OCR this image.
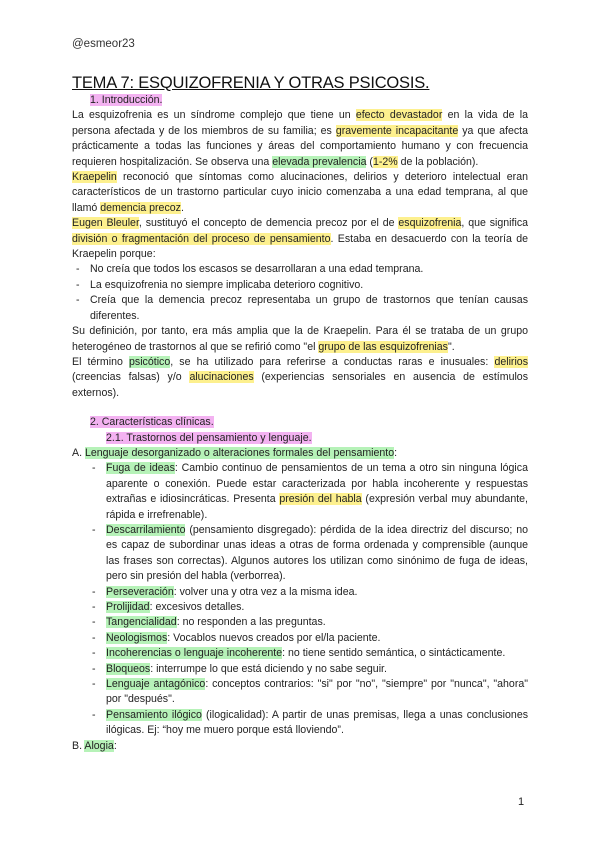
@esmeor23
TEMA 7: ESQUIZOFRENIA Y OTRAS PSICOSIS.

1. Introducción.

La esquizofrenia es un síndrome complejo que tiene un efecto devastador en la vida de la persona afectada y de los miembros de su familia; es gravemente incapacitante ya que afecta prácticamente a todas las funciones y áreas del comportamiento humano y con frecuencia requieren hospitalización. Se observa una elevada prevalencia (1-2% de la población).

Kraepelin reconoció que síntomas como alucinaciones, delirios y deterioro intelectual eran característicos de un trastorno particular cuyo inicio comenzaba a una edad temprana, al que llamó demencia precoz.

Eugen Bleuler, sustituyó el concepto de demencia precoz por el de esquizofrenia, que significa división o fragmentación del proceso de pensamiento. Estaba en desacuerdo con la teoría de Kraepelin porque:

- No creía que todos los escasos se desarrollaran a una edad temprana.
- La esquizofrenia no siempre implicaba deterioro cognitivo.
- Creía que la demencia precoz representaba un grupo de trastornos que tenían causas diferentes.

Su definición, por tanto, era más amplia que la de Kraepelin. Para él se trataba de un grupo heterogéneo de trastornos al que se refirió como "el grupo de las esquizofrenias".

El término psicótico, se ha utilizado para referirse a conductas raras e inusuales: delirios (creencias falsas) y/o alucinaciones (experiencias sensoriales en ausencia de estímulos externos).

2. Características clínicas.

2.1. Trastornos del pensamiento y lenguaje.

A. Lenguaje desorganizado o alteraciones formales del pensamiento:

- Fuga de ideas: Cambio continuo de pensamientos de un tema a otro sin ninguna lógica aparente o conexión. Puede estar caracterizada por habla incoherente y respuestas extrañas e idiosincráticas. Presenta presión del habla (expresión verbal muy abundante, rápida e irrefrenable).
- Descarrilamiento (pensamiento disgregado): pérdida de la idea directriz del discurso; no es capaz de subordinar unas ideas a otras de forma ordenada y comprensible (aunque las frases son correctas). Algunos autores los utilizan como sinónimo de fuga de ideas, pero sin presión del habla (verborrea).
- Perseveración: volver una y otra vez a la misma idea.
- Prolijidad: excesivos detalles.
- Tangencialidad: no responden a las preguntas.
- Neologismos: Vocablos nuevos creados por el/la paciente.
- Incoherencias o lenguaje incoherente: no tiene sentido semántica, o sintácticamente.
- Bloqueos: interrumpe lo que está diciendo y no sabe seguir.
- Lenguaje antagónico: conceptos contrarios: "si" por "no", "siempre" por "nunca", "ahora" por "después".
- Pensamiento ilógico (ilogicalidad): A partir de unas premisas, llega a unas conclusiones ilógicas. Ej: “hoy me muero porque está lloviendo”.

B. Alogia:

1
